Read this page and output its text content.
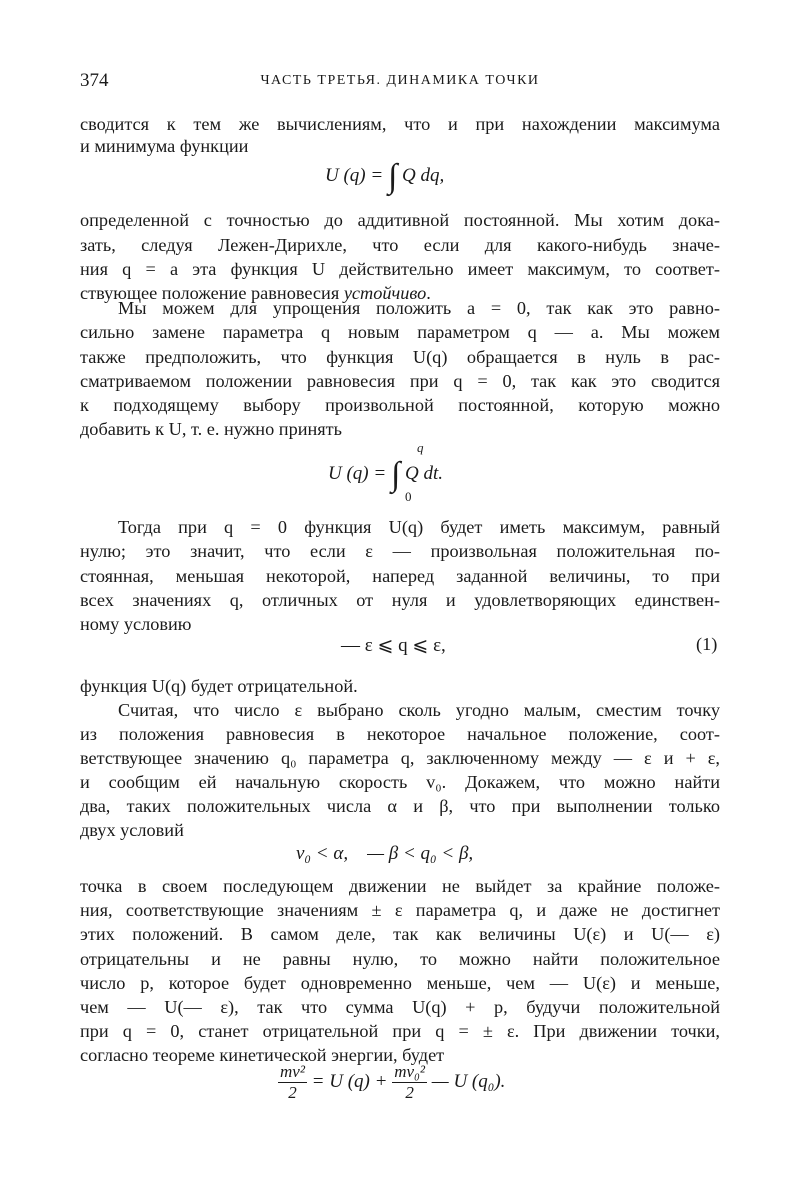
374	ЧАСТЬ ТРЕТЬЯ. ДИНАМИКА ТОЧКИ
сводится к тем же вычислениям, что и при нахождении максимума
и минимума функции
U (q) = ∫ Q dq,
определенной с точностью до аддитивной постоянной. Мы хотим дока-
зать, следуя Лежен-Дирихле, что если для какого-нибудь значе-
ния q = a эта функция U действительно имеет максимум, то соответ-
ствующее положение равновесия устойчиво.
Мы можем для упрощения положить a = 0, так как это равно-
сильно замене параметра q новым параметром q — a. Мы можем
также предположить, что функция U(q) обращается в нуль в рас-
сматриваемом положении равновесия при q = 0, так как это сводится
к подходящему выбору произвольной постоянной, которую можно
добавить к U, т. е. нужно принять
U (q) = ∫ Q dt.
q
0
Тогда при q = 0 функция U(q) будет иметь максимум, равный
нулю; это значит, что если ε — произвольная положительная по-
стоянная, меньшая некоторой, наперед заданной величины, то при
всех значениях q, отличных от нуля и удовлетворяющих единствен-
ному условию
— ε ⩽ q ⩽ ε,	(1)
функция U(q) будет отрицательной.
Считая, что число ε выбрано сколь угодно малым, сместим точку
из положения равновесия в некоторое начальное положение, соот-
ветствующее значению q₀ параметра q, заключенному между — ε и + ε,
и сообщим ей начальную скорость v₀. Докажем, что можно найти
два, таких положительных числа α и β, что при выполнении только
двух условий
v₀ < α,    — β < q₀ < β,
точка в своем последующем движении не выйдет за крайние положе-
ния, соответствующие значениям ± ε параметра q, и даже не достигнет
этих положений. В самом деле, так как величины U(ε) и U(— ε)
отрицательны и не равны нулю, то можно найти положительное
число p, которое будет одновременно меньше, чем — U(ε) и меньше,
чем — U(— ε), так что сумма U(q) + p, будучи положительной
при q = 0, станет отрицательной при q = ± ε. При движении точки,
согласно теореме кинетической энергии, будет
$\frac{\text{mv²}}{2} = U$ $(q) + \frac{\text{mv₀²}}{2}$ — U (q₀).
